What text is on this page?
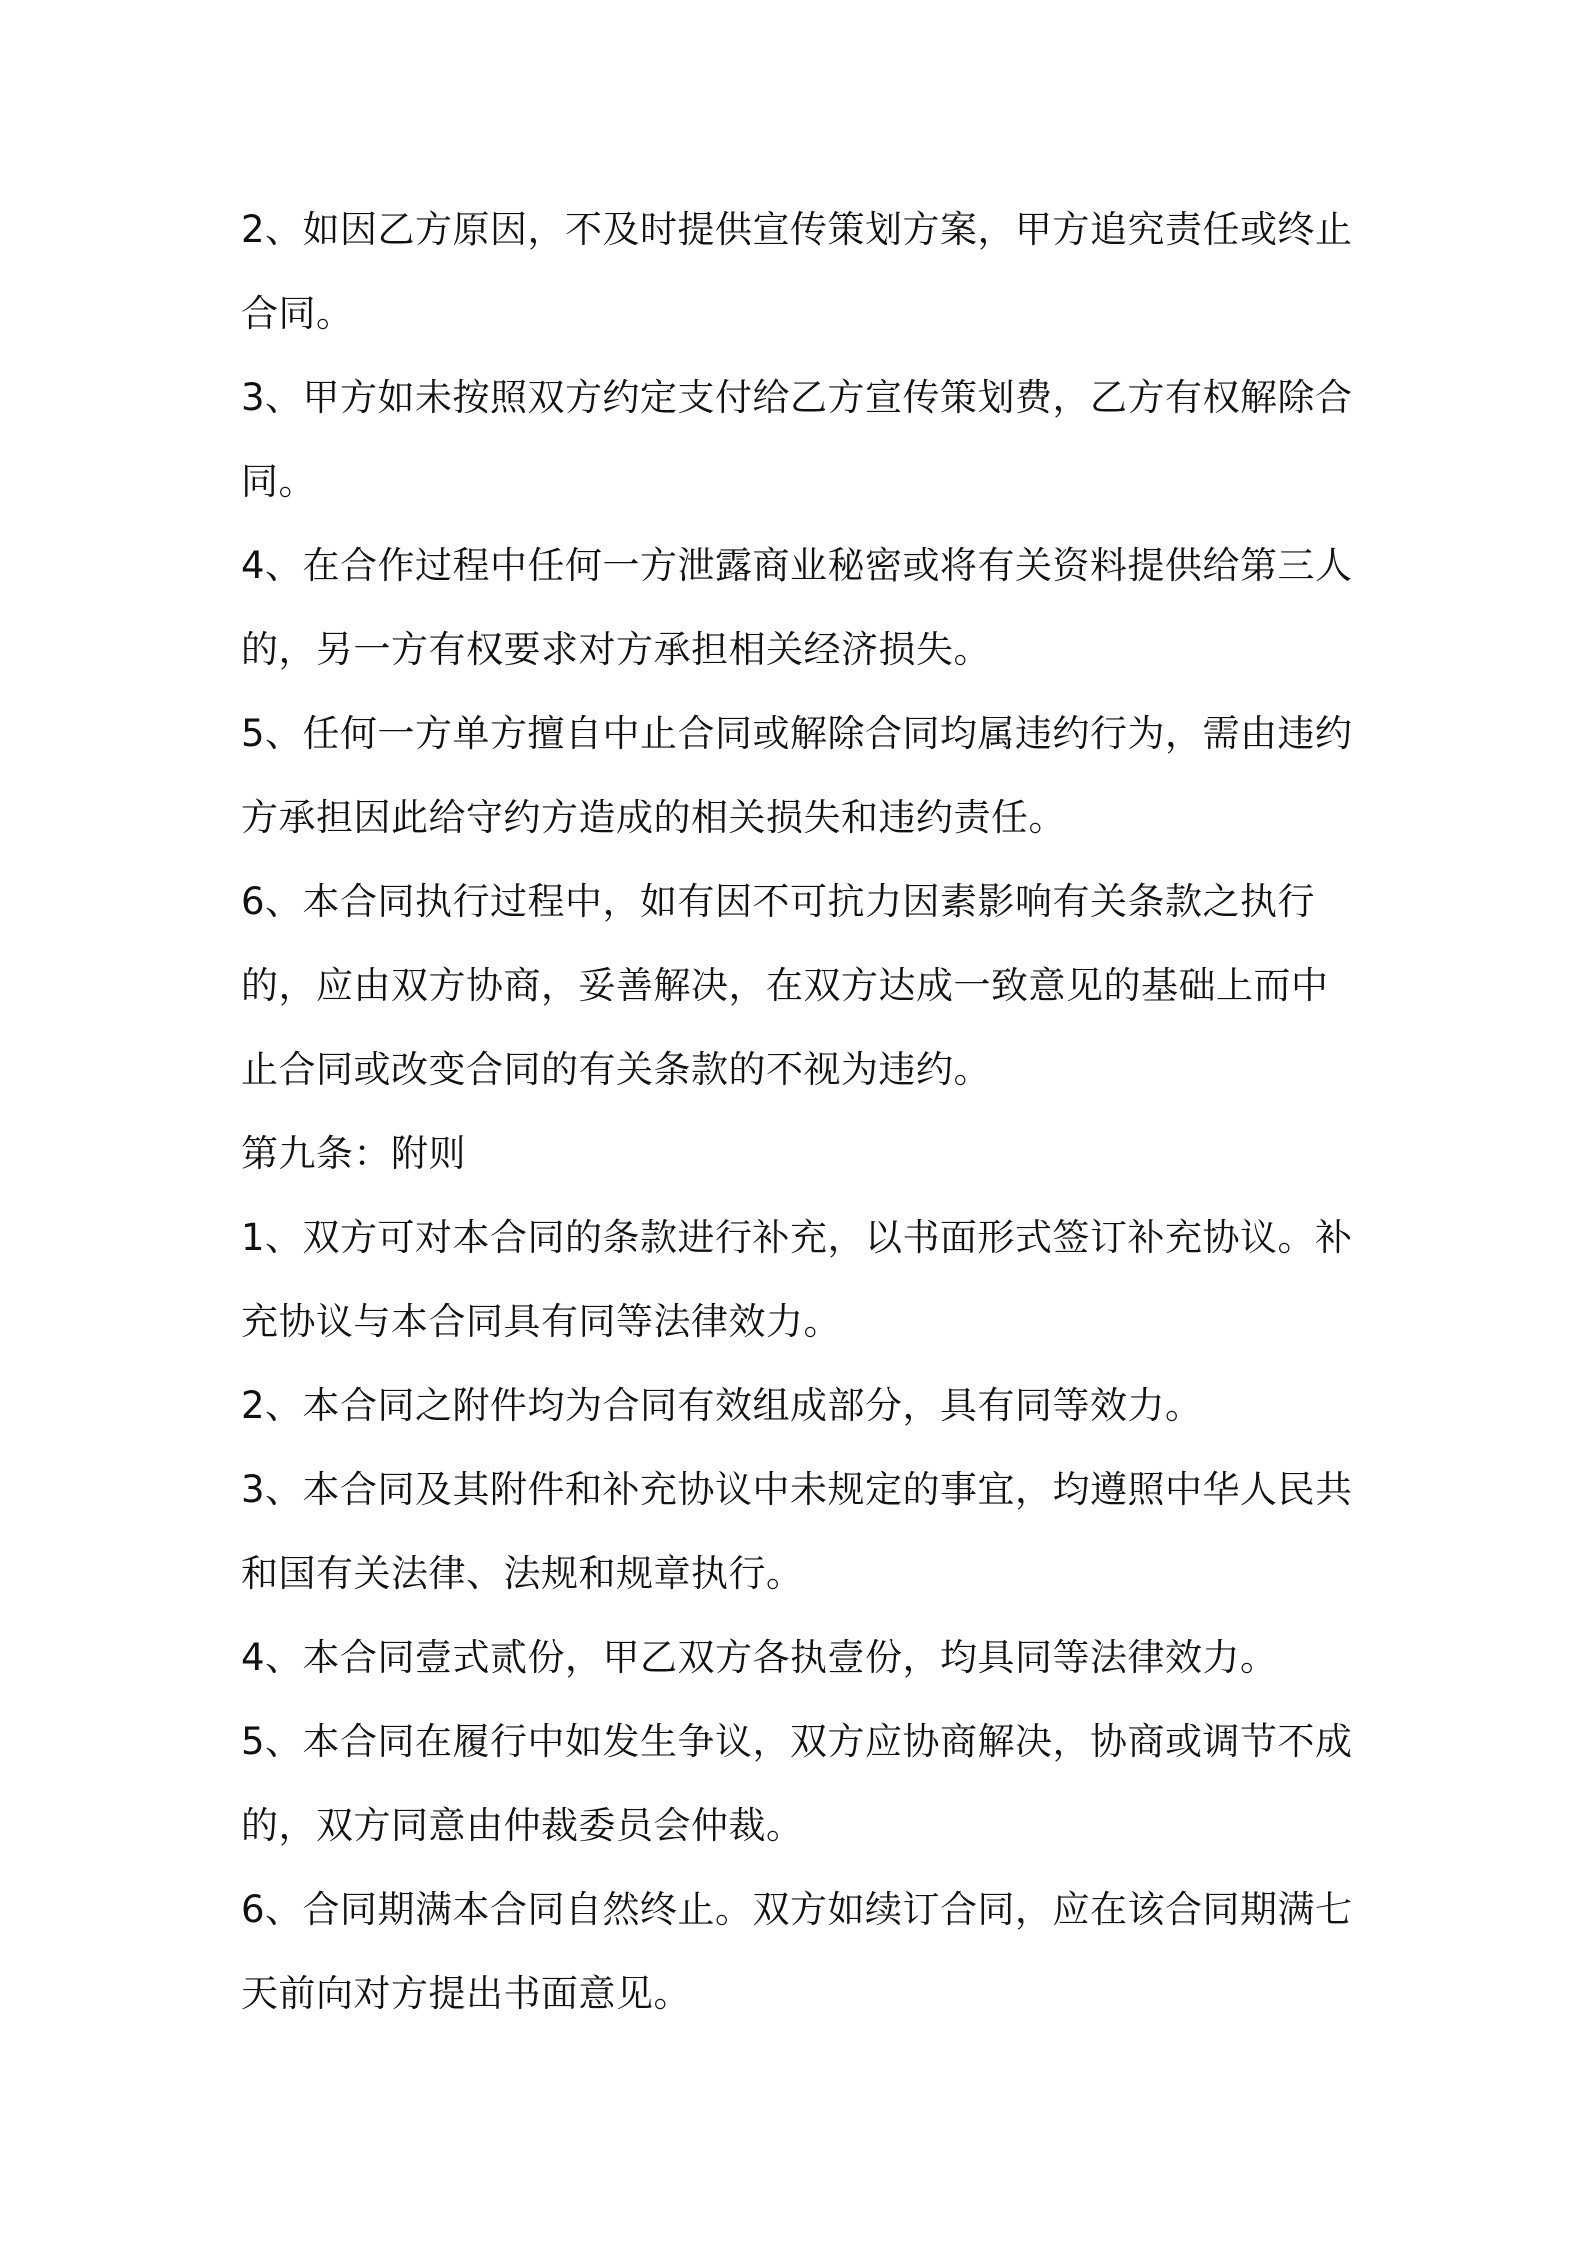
2、如因乙方原因，不及时提供宣传策划方案，甲方追究责任或终止合同。

3、甲方如未按照双方约定支付给乙方宣传策划费，乙方有权解除合同。

4、在合作过程中任何一方泄露商业秘密或将有关资料提供给第三人的，另一方有权要求对方承担相关经济损失。

5、任何一方单方擅自中止合同或解除合同均属违约行为，需由违约方承担因此给守约方造成的相关损失和违约责任。

6、本合同执行过程中，如有因不可抗力因素影响有关条款之执行的，应由双方协商，妥善解决，在双方达成一致意见的基础上而中止合同或改变合同的有关条款的不视为违约。

第九条：附则

1、双方可对本合同的条款进行补充，以书面形式签订补充协议。补充协议与本合同具有同等法律效力。

2、本合同之附件均为合同有效组成部分，具有同等效力。

3、本合同及其附件和补充协议中未规定的事宜，均遵照中华人民共和国有关法律、法规和规章执行。

4、本合同壹式贰份，甲乙双方各执壹份，均具同等法律效力。

5、本合同在履行中如发生争议，双方应协商解决，协商或调节不成的，双方同意由仲裁委员会仲裁。

6、合同期满本合同自然终止。双方如续订合同，应在该合同期满七天前向对方提出书面意见。
